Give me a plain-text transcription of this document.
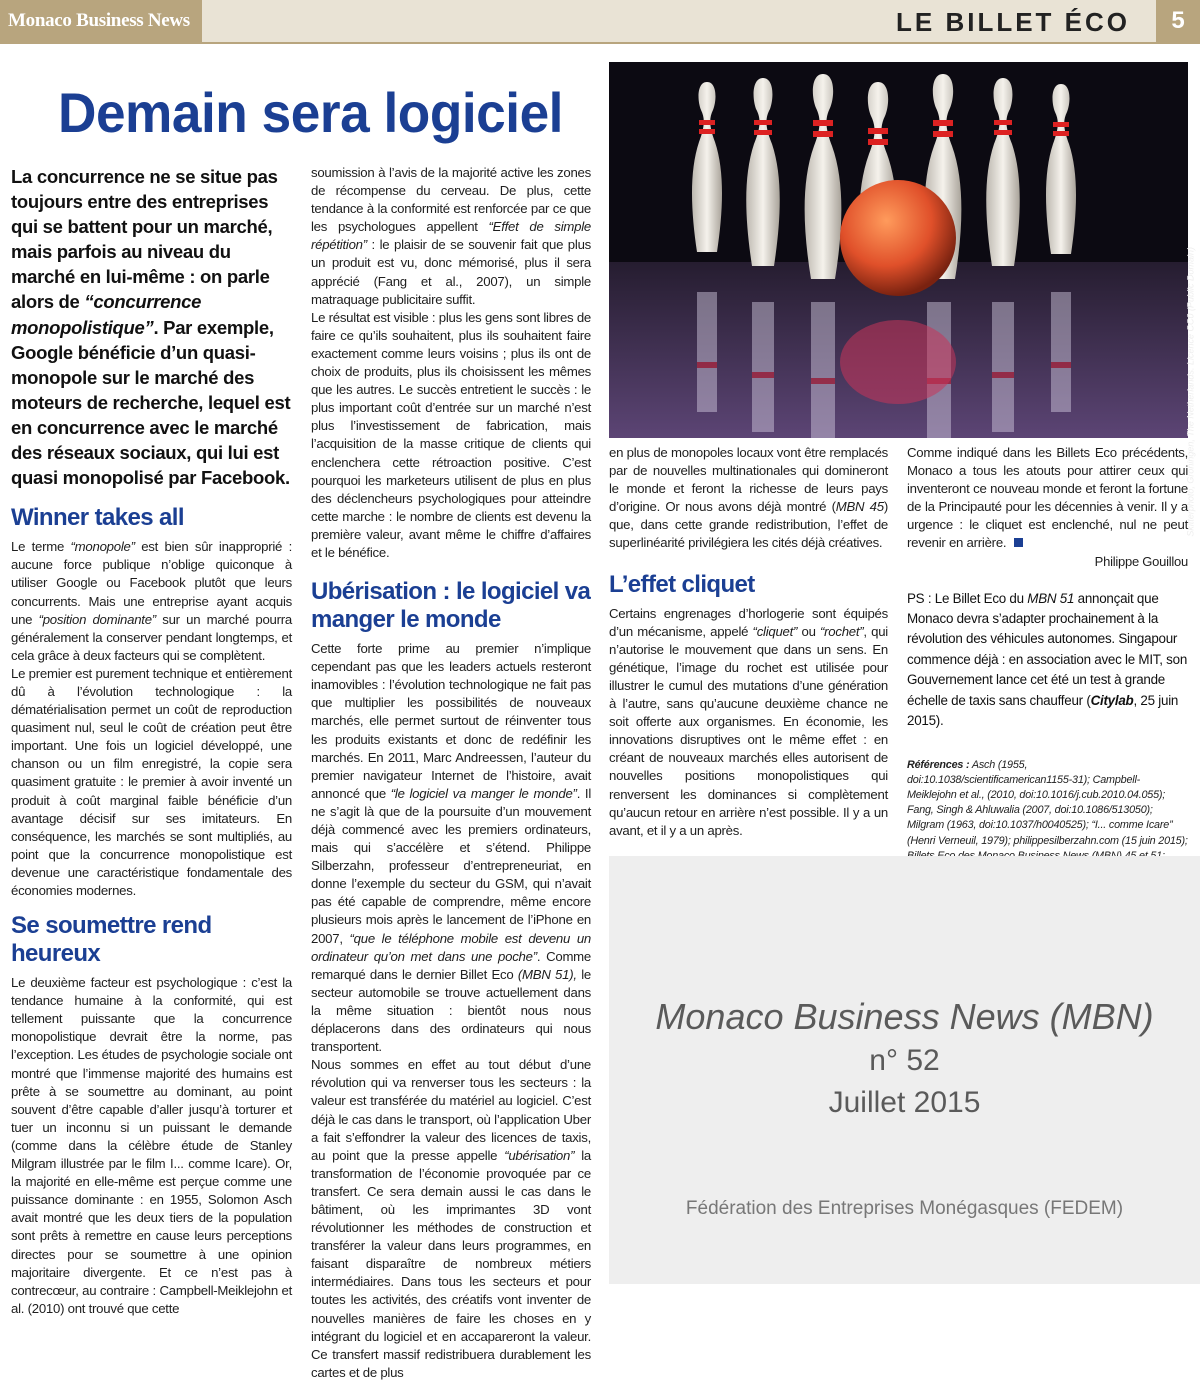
Monaco Business News	LE BILLET ÉCO	5
Demain sera logiciel

La concurrence ne se situe pas toujours entre des entreprises qui se battent pour un marché, mais parfois au niveau du marché en lui-même : on parle alors de “concurrence monopolistique”. Par exemple, Google bénéficie d’un quasi-monopole sur le marché des moteurs de recherche, lequel est en concurrence avec le marché des réseaux sociaux, qui lui est quasi monopolisé par Facebook.

Winner takes all

Le terme “monopole” est bien sûr inapproprié : aucune force publique n’oblige quiconque à utiliser Google ou Facebook plutôt que leurs concurrents. Mais une entreprise ayant acquis une “position dominante” sur un marché pourra généralement la conserver pendant longtemps, et cela grâce à deux facteurs qui se complètent.

Le premier est purement technique et entièrement dû à l’évolution technologique : la dématérialisation permet un coût de reproduction quasiment nul, seul le coût de création peut être important. Une fois un logiciel développé, une chanson ou un film enregistré, la copie sera quasiment gratuite : le premier à avoir inventé un produit à coût marginal faible bénéficie d’un avantage décisif sur ses imitateurs. En conséquence, les marchés se sont multipliés, au point que la concurrence monopolistique est devenue une caractéristique fondamentale des économies modernes.

Se soumettre rend heureux

Le deuxième facteur est psychologique : c’est la tendance humaine à la conformité, qui est tellement puissante que la concurrence monopolistique devrait être la norme, pas l’exception. Les études de psychologie sociale ont montré que l’immense majorité des humains est prête à se soumettre au dominant, au point souvent d’être capable d’aller jusqu’à torturer et tuer un inconnu si un puissant le demande (comme dans la célèbre étude de Stanley Milgram illustrée par le film I... comme Icare). Or, la majorité en elle-même est perçue comme une puissance dominante : en 1955, Solomon Asch avait montré que les deux tiers de la population sont prêts à remettre en cause leurs perceptions directes pour se soumettre à une opinion majoritaire divergente. Et ce n’est pas à contrecœur, au contraire : Campbell-Meiklejohn et al. (2010) ont trouvé que cette

soumission à l’avis de la majorité active les zones de récompense du cerveau. De plus, cette tendance à la conformité est renforcée par ce que les psychologues appellent “Effet de simple répétition” : le plaisir de se souvenir fait que plus un produit est vu, donc mémorisé, plus il sera apprécié (Fang et al., 2007), un simple matraquage publicitaire suffit.

Le résultat est visible : plus les gens sont libres de faire ce qu’ils souhaitent, plus ils souhaitent faire exactement comme leurs voisins ; plus ils ont de choix de produits, plus ils choisissent les mêmes que les autres. Le succès entretient le succès : le plus important coût d’entrée sur un marché n’est plus l’investissement de fabrication, mais l’acquisition de la masse critique de clients qui enclenchera cette rétroaction positive. C’est pourquoi les marketeurs utilisent de plus en plus des déclencheurs psychologiques pour atteindre cette marche : le nombre de clients est devenu la première valeur, avant même le chiffre d’affaires et le bénéfice.

Ubérisation : le logiciel va manger le monde

Cette forte prime au premier n’implique cependant pas que les leaders actuels resteront inamovibles : l’évolution technologique ne fait pas que multiplier les possibilités de nouveaux marchés, elle permet surtout de réinventer tous les produits existants et donc de redéfinir les marchés. En 2011, Marc Andreessen, l’auteur du premier navigateur Internet de l’histoire, avait annoncé que “le logiciel va manger le monde”. Il ne s’agit là que de la poursuite d’un mouvement déjà commencé avec les premiers ordinateurs, mais qui s’accélère et s’étend. Philippe Silberzahn, professeur d’entrepreneuriat, en donne l’exemple du secteur du GSM, qui n’avait pas été capable de comprendre, même encore plusieurs mois après le lancement de l’iPhone en 2007, “que le téléphone mobile est devenu un ordinateur qu’on met dans une poche”. Comme remarqué dans le dernier Billet Eco (MBN 51), le secteur automobile se trouve actuellement dans la même situation : bientôt nous nous déplacerons dans des ordinateurs qui nous transportent.

Nous sommes en effet au tout début d’une révolution qui va renverser tous les secteurs : la valeur est transférée du matériel au logiciel. C’est déjà le cas dans le transport, où l’application Uber a fait s’effondrer la valeur des licences de taxis, au point que la presse appelle “ubérisation” la transformation de l’économie provoquée par ce transfert. Ce sera demain aussi le cas dans le bâtiment, où les imprimantes 3D vont révolutionner les méthodes de construction et transférer la valeur dans leurs programmes, en faisant disparaître de nombreux métiers intermédiaires. Dans tous les secteurs et pour toutes les activités, des créatifs vont inventer de nouvelles manières de faire les choses en y intégrant du logiciel et en accapareront la valeur. Ce transfert massif redistribuera durablement les cartes et de plus

Skitterphoto, Groningen, The Netherlands. Licence CC0 (Public Domain)

en plus de monopoles locaux vont être remplacés par de nouvelles multinationales qui domineront le monde et feront la richesse de leurs pays d’origine. Or nous avons déjà montré (MBN 45) que, dans cette grande redistribution, l’effet de superlinéarité privilégiera les cités déjà créatives.

L’effet cliquet

Certains engrenages d’horlogerie sont équipés d’un mécanisme, appelé “cliquet” ou “rochet”, qui n’autorise le mouvement que dans un sens. En génétique, l’image du rochet est utilisée pour illustrer le cumul des mutations d’une génération à l’autre, sans qu’aucune deuxième chance ne soit offerte aux organismes. En économie, les innovations disruptives ont le même effet : en créant de nouveaux marchés elles autorisent de nouvelles positions monopolistiques qui renversent les dominances si complètement qu’aucun retour en arrière n’est possible. Il y a un avant, et il y a un après.

Comme indiqué dans les Billets Eco précédents, Monaco a tous les atouts pour attirer ceux qui inventeront ce nouveau monde et feront la fortune de la Principauté pour les décennies à venir. Il y a urgence : le cliquet est enclenché, nul ne peut revenir en arrière.

Philippe Gouillou

PS : Le Billet Eco du MBN 51 annonçait que Monaco devra s’adapter prochainement à la révolution des véhicules autonomes. Singapour commence déjà : en association avec le MIT, son Gouvernement lance cet été un test à grande échelle de taxis sans chauffeur (Citylab, 25 juin 2015).

Références : Asch (1955, doi:10.1038/scientificamerican1155-31); Campbell-Meiklejohn et al., (2010, doi:10.1016/j.cub.2010.04.055); Fang, Singh & Ahluwalia (2007, doi:10.1086/513050); Milgram (1963, doi:10.1037/h0040525); “I... comme Icare” (Henri Verneuil, 1979); philippesilberzahn.com (15 juin 2015);

Monaco Business News (MBN)
n° 52
Juillet 2015
Fédération des Entreprises Monégasques (FEDEM)
